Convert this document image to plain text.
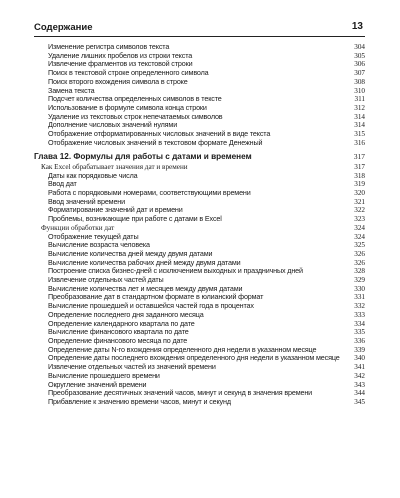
Содержание	13
Изменение регистра символов текста	304
Удаление лишних пробелов из строки текста	305
Извлечение фрагментов из текстовой строки	306
Поиск в текстовой строке определенного символа	307
Поиск второго вхождения символа в строке	308
Замена текста	310
Подсчет количества определенных символов в тексте	311
Использование в формуле символа конца строки	312
Удаление из текстовых строк непечатаемых символов	314
Дополнение числовых значений нулями	314
Отображение отформатированных числовых значений в виде текста	315
Отображение числовых значений в текстовом формате Денежный	316
Глава 12. Формулы для работы с датами и временем	317
Как Excel обрабатывает значения дат и времени	317
Даты как порядковые числа	318
Ввод дат	319
Работа с порядковыми номерами, соответствующими времени	320
Ввод значений времени	321
Форматирование значений дат и времени	322
Проблемы, возникающие при работе с датами в Excel	323
Функции обработки дат	324
Отображение текущей даты	324
Вычисление возраста человека	325
Вычисление количества дней между двумя датами	326
Вычисление количества рабочих дней между двумя датами	326
Построение списка бизнес-дней с исключением выходных и праздничных дней	328
Извлечение отдельных частей даты	329
Вычисление количества лет и месяцев между двумя датами	330
Преобразование дат в стандартном формате в юлианский формат	331
Вычисление прошедшей и оставшейся частей года в процентах	332
Определение последнего дня заданного месяца	333
Определение календарного квартала по дате	334
Вычисление финансового квартала по дате	335
Определение финансового месяца по дате	336
Определение даты N-го вхождения определенного дня недели в указанном месяце	339
Определение даты последнего вхождения определенного дня недели в указанном месяце	340
Извлечение отдельных частей из значений времени	341
Вычисление прошедшего времени	342
Округление значений времени	343
Преобразование десятичных значений часов, минут и секунд в значения времени	344
Прибавление к значению времени часов, минут и секунд	345
